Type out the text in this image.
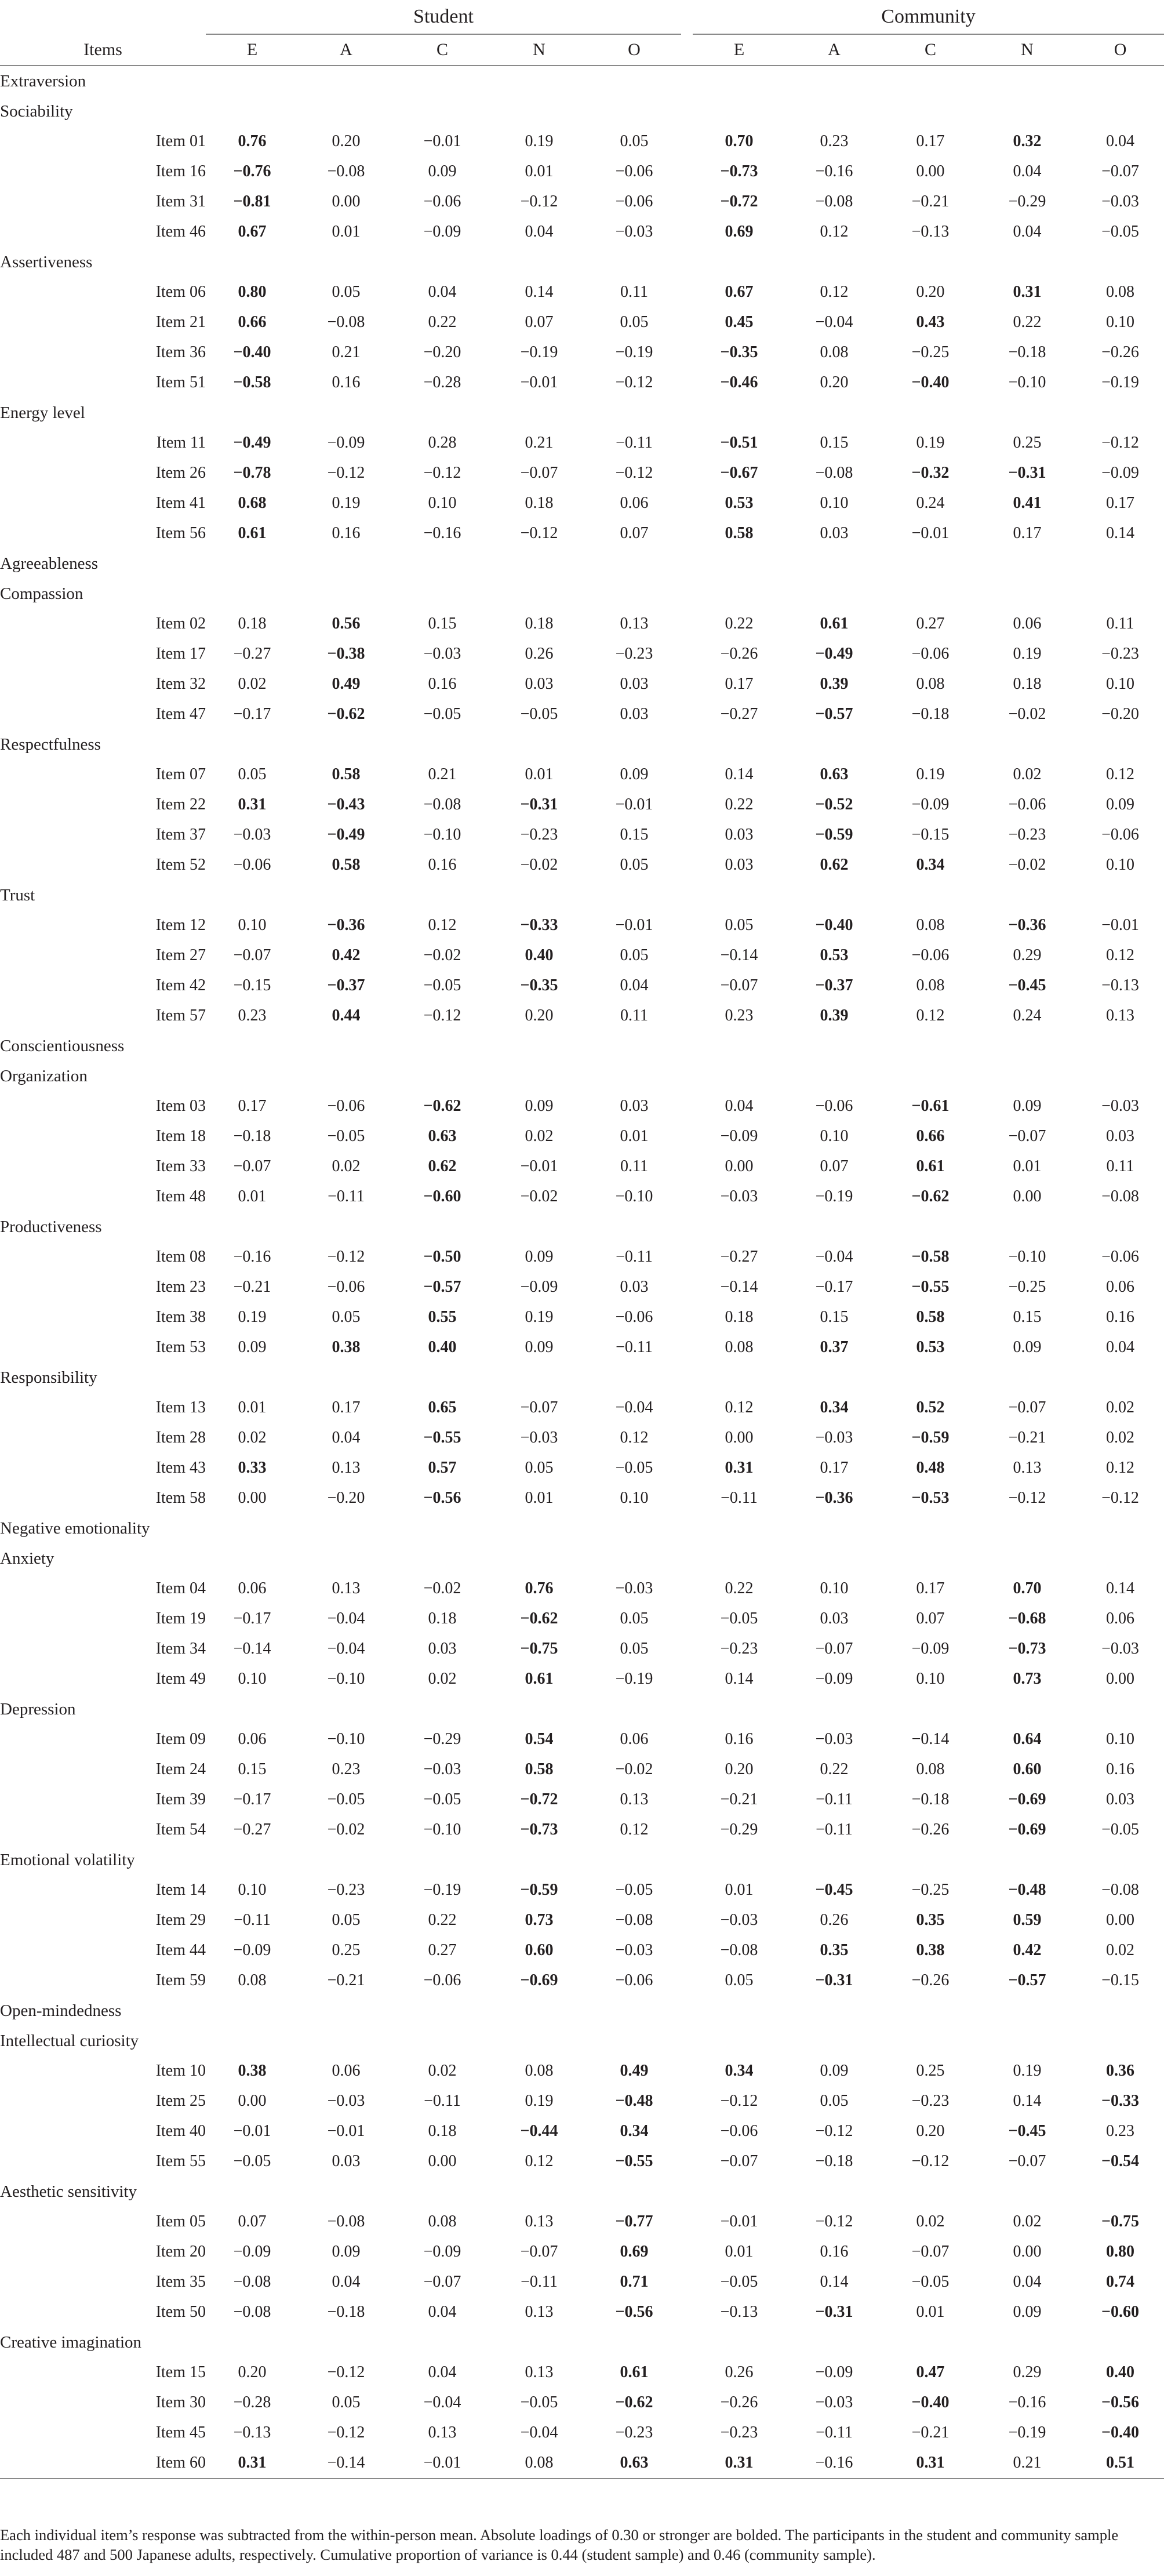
	Student						Community				
Items	E	A	C	N	O		E	A	C	N	O
Extraversion											
Sociability											
Item 01	0.76	0.20	−0.01	0.19	0.05		0.70	0.23	0.17	0.32	0.04
Item 16	−0.76	−0.08	0.09	0.01	−0.06		−0.73	−0.16	0.00	0.04	−0.07
Item 31	−0.81	0.00	−0.06	−0.12	−0.06		−0.72	−0.08	−0.21	−0.29	−0.03
Item 46	0.67	0.01	−0.09	0.04	−0.03		0.69	0.12	−0.13	0.04	−0.05
Assertiveness											
Item 06	0.80	0.05	0.04	0.14	0.11		0.67	0.12	0.20	0.31	0.08
Item 21	0.66	−0.08	0.22	0.07	0.05		0.45	−0.04	0.43	0.22	0.10
Item 36	−0.40	0.21	−0.20	−0.19	−0.19		−0.35	0.08	−0.25	−0.18	−0.26
Item 51	−0.58	0.16	−0.28	−0.01	−0.12		−0.46	0.20	−0.40	−0.10	−0.19
Energy level											
Item 11	−0.49	−0.09	0.28	0.21	−0.11		−0.51	0.15	0.19	0.25	−0.12
Item 26	−0.78	−0.12	−0.12	−0.07	−0.12		−0.67	−0.08	−0.32	−0.31	−0.09
Item 41	0.68	0.19	0.10	0.18	0.06		0.53	0.10	0.24	0.41	0.17
Item 56	0.61	0.16	−0.16	−0.12	0.07		0.58	0.03	−0.01	0.17	0.14
Agreeableness											
Compassion											
Item 02	0.18	0.56	0.15	0.18	0.13		0.22	0.61	0.27	0.06	0.11
Item 17	−0.27	−0.38	−0.03	0.26	−0.23		−0.26	−0.49	−0.06	0.19	−0.23
Item 32	0.02	0.49	0.16	0.03	0.03		0.17	0.39	0.08	0.18	0.10
Item 47	−0.17	−0.62	−0.05	−0.05	0.03		−0.27	−0.57	−0.18	−0.02	−0.20
Respectfulness											
Item 07	0.05	0.58	0.21	0.01	0.09		0.14	0.63	0.19	0.02	0.12
Item 22	0.31	−0.43	−0.08	−0.31	−0.01		0.22	−0.52	−0.09	−0.06	0.09
Item 37	−0.03	−0.49	−0.10	−0.23	0.15		0.03	−0.59	−0.15	−0.23	−0.06
Item 52	−0.06	0.58	0.16	−0.02	0.05		0.03	0.62	0.34	−0.02	0.10
Trust											
Item 12	0.10	−0.36	0.12	−0.33	−0.01		0.05	−0.40	0.08	−0.36	−0.01
Item 27	−0.07	0.42	−0.02	0.40	0.05		−0.14	0.53	−0.06	0.29	0.12
Item 42	−0.15	−0.37	−0.05	−0.35	0.04		−0.07	−0.37	0.08	−0.45	−0.13
Item 57	0.23	0.44	−0.12	0.20	0.11		0.23	0.39	0.12	0.24	0.13
Conscientiousness											
Organization											
Item 03	0.17	−0.06	−0.62	0.09	0.03		0.04	−0.06	−0.61	0.09	−0.03
Item 18	−0.18	−0.05	0.63	0.02	0.01		−0.09	0.10	0.66	−0.07	0.03
Item 33	−0.07	0.02	0.62	−0.01	0.11		0.00	0.07	0.61	0.01	0.11
Item 48	0.01	−0.11	−0.60	−0.02	−0.10		−0.03	−0.19	−0.62	0.00	−0.08
Productiveness											
Item 08	−0.16	−0.12	−0.50	0.09	−0.11		−0.27	−0.04	−0.58	−0.10	−0.06
Item 23	−0.21	−0.06	−0.57	−0.09	0.03		−0.14	−0.17	−0.55	−0.25	0.06
Item 38	0.19	0.05	0.55	0.19	−0.06		0.18	0.15	0.58	0.15	0.16
Item 53	0.09	0.38	0.40	0.09	−0.11		0.08	0.37	0.53	0.09	0.04
Responsibility											
Item 13	0.01	0.17	0.65	−0.07	−0.04		0.12	0.34	0.52	−0.07	0.02
Item 28	0.02	0.04	−0.55	−0.03	0.12		0.00	−0.03	−0.59	−0.21	0.02
Item 43	0.33	0.13	0.57	0.05	−0.05		0.31	0.17	0.48	0.13	0.12
Item 58	0.00	−0.20	−0.56	0.01	0.10		−0.11	−0.36	−0.53	−0.12	−0.12
Negative emotionality											
Anxiety											
Item 04	0.06	0.13	−0.02	0.76	−0.03		0.22	0.10	0.17	0.70	0.14
Item 19	−0.17	−0.04	0.18	−0.62	0.05		−0.05	0.03	0.07	−0.68	0.06
Item 34	−0.14	−0.04	0.03	−0.75	0.05		−0.23	−0.07	−0.09	−0.73	−0.03
Item 49	0.10	−0.10	0.02	0.61	−0.19		0.14	−0.09	0.10	0.73	0.00
Depression											
Item 09	0.06	−0.10	−0.29	0.54	0.06		0.16	−0.03	−0.14	0.64	0.10
Item 24	0.15	0.23	−0.03	0.58	−0.02		0.20	0.22	0.08	0.60	0.16
Item 39	−0.17	−0.05	−0.05	−0.72	0.13		−0.21	−0.11	−0.18	−0.69	0.03
Item 54	−0.27	−0.02	−0.10	−0.73	0.12		−0.29	−0.11	−0.26	−0.69	−0.05
Emotional volatility											
Item 14	0.10	−0.23	−0.19	−0.59	−0.05		0.01	−0.45	−0.25	−0.48	−0.08
Item 29	−0.11	0.05	0.22	0.73	−0.08		−0.03	0.26	0.35	0.59	0.00
Item 44	−0.09	0.25	0.27	0.60	−0.03		−0.08	0.35	0.38	0.42	0.02
Item 59	0.08	−0.21	−0.06	−0.69	−0.06		0.05	−0.31	−0.26	−0.57	−0.15
Open-mindedness											
Intellectual curiosity											
Item 10	0.38	0.06	0.02	0.08	0.49		0.34	0.09	0.25	0.19	0.36
Item 25	0.00	−0.03	−0.11	0.19	−0.48		−0.12	0.05	−0.23	0.14	−0.33
Item 40	−0.01	−0.01	0.18	−0.44	0.34		−0.06	−0.12	0.20	−0.45	0.23
Item 55	−0.05	0.03	0.00	0.12	−0.55		−0.07	−0.18	−0.12	−0.07	−0.54
Aesthetic sensitivity											
Item 05	0.07	−0.08	0.08	0.13	−0.77		−0.01	−0.12	0.02	0.02	−0.75
Item 20	−0.09	0.09	−0.09	−0.07	0.69		0.01	0.16	−0.07	0.00	0.80
Item 35	−0.08	0.04	−0.07	−0.11	0.71		−0.05	0.14	−0.05	0.04	0.74
Item 50	−0.08	−0.18	0.04	0.13	−0.56		−0.13	−0.31	0.01	0.09	−0.60
Creative imagination											
Item 15	0.20	−0.12	0.04	0.13	0.61		0.26	−0.09	0.47	0.29	0.40
Item 30	−0.28	0.05	−0.04	−0.05	−0.62		−0.26	−0.03	−0.40	−0.16	−0.56
Item 45	−0.13	−0.12	0.13	−0.04	−0.23		−0.23	−0.11	−0.21	−0.19	−0.40
Item 60	0.31	−0.14	−0.01	0.08	0.63		0.31	−0.16	0.31	0.21	0.51
Each individual item’s response was subtracted from the within-person mean. Absolute loadings of 0.30 or stronger are bolded. The participants in the student and community sample included 487 and 500 Japanese adults, respectively. Cumulative proportion of variance is 0.44 (student sample) and 0.46 (community sample).
